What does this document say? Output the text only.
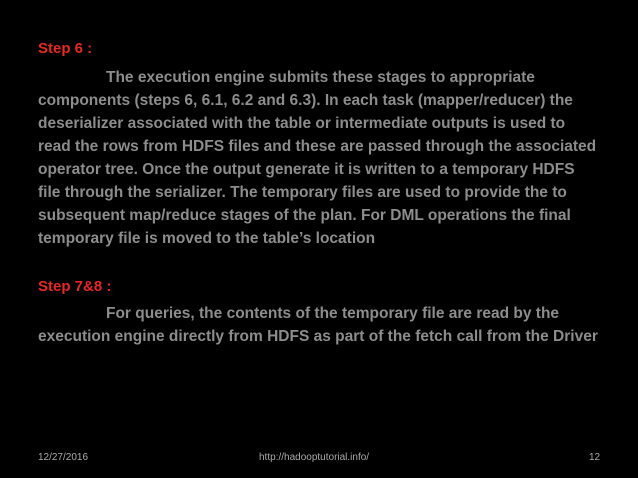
Step 6 :

The execution engine submits these stages to appropriate components (steps 6, 6.1, 6.2 and 6.3). In each task (mapper/reducer) the deserializer associated with the table or intermediate outputs is used to read the rows from HDFS files and these are passed through the associated operator tree. Once the output generate it is written to a temporary HDFS file through the serializer. The temporary files are used to provide the to subsequent map/reduce stages of the plan. For DML operations the final temporary file is moved to the table’s location

Step 7&8 :

For queries, the contents of the temporary file are read by the execution engine directly from HDFS as part of the fetch call from the Driver

12/27/2016	http://hadooptutorial.info/	12
